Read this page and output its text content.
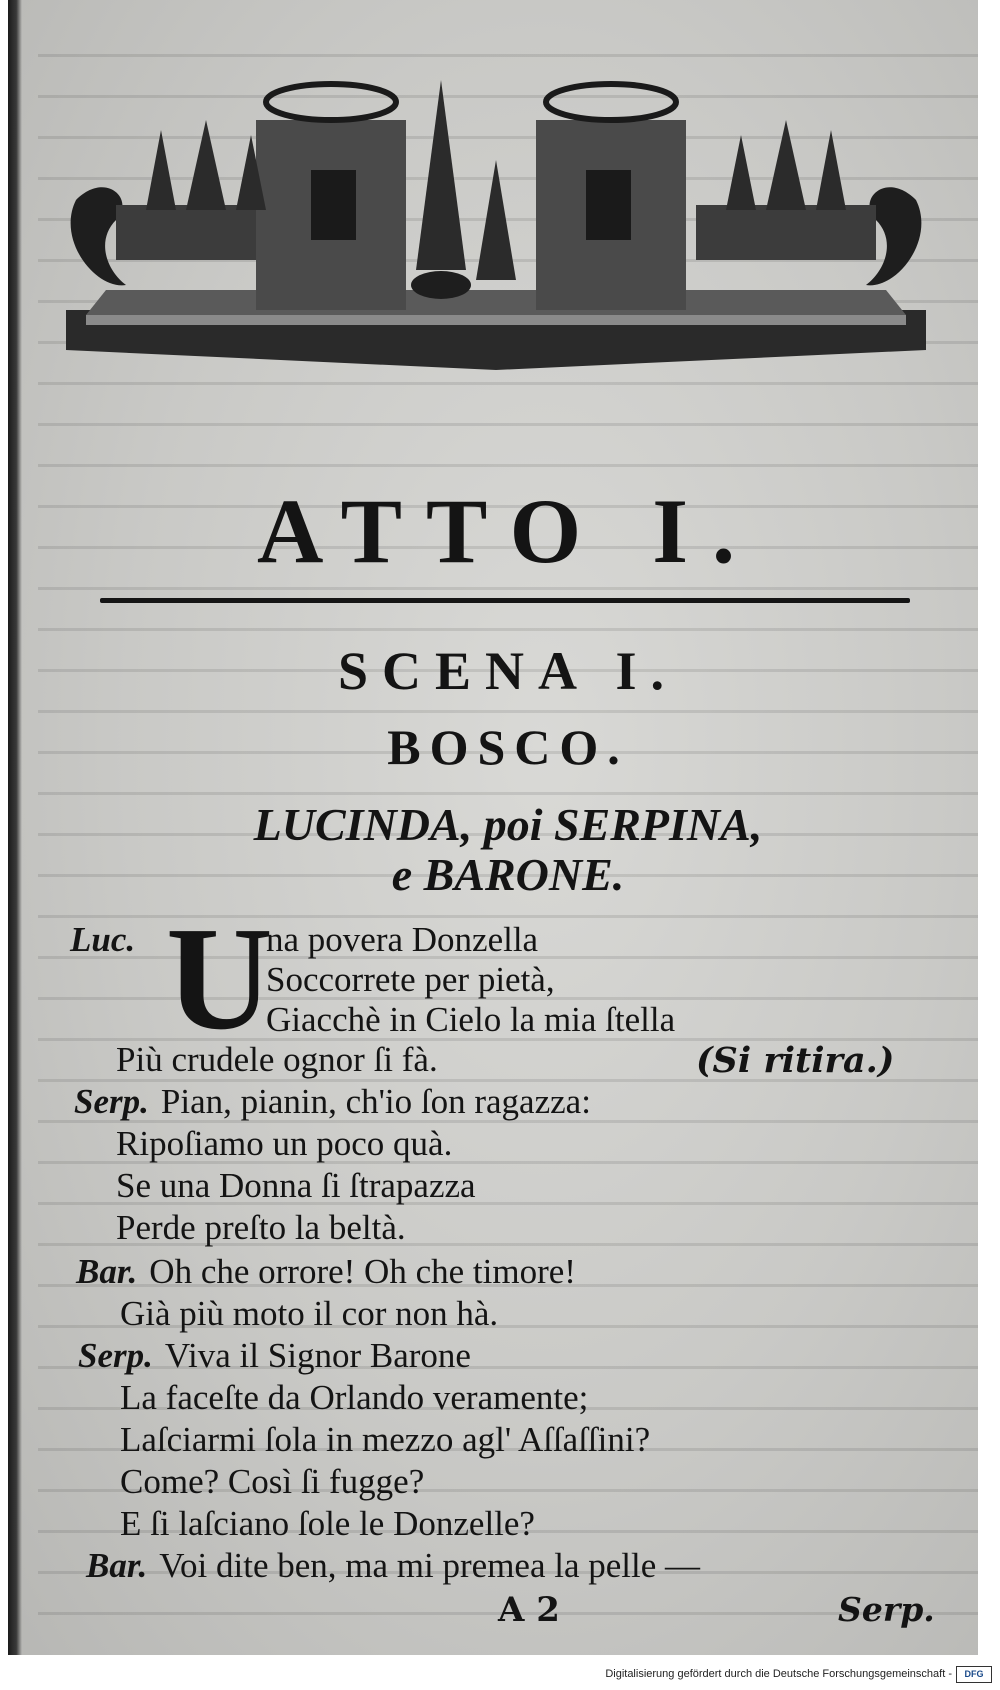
ATTO I.
SCENA I.
BOSCO.
LUCINDA, poi SERPINA,
e BARONE.
U
Luc.	na povera Donzella
Soccorrete per pietà,
Giacchè in Cielo la mia ſtella
Più crudele ognor ſi fà.	(Si ritira.)
Serp. Pian, pianin, ch'io ſon ragazza:
Ripoſiamo un poco quà.
Se una Donna ſi ſtrapazza
Perde preſto la beltà.
Bar. Oh che orrore! Oh che timore!
Già più moto il cor non hà.
Serp. Viva il Signor Barone
La faceſte da Orlando veramente;
Laſciarmi ſola in mezzo agl' Aſſaſſini?
Come? Così ſi fugge?
E ſi laſciano ſole le Donzelle?
Bar. Voi dite ben, ma mi premea la pelle —
A 2	Serp.
Digitalisierung gefördert durch die Deutsche Forschungsgemeinschaft -	DFG
